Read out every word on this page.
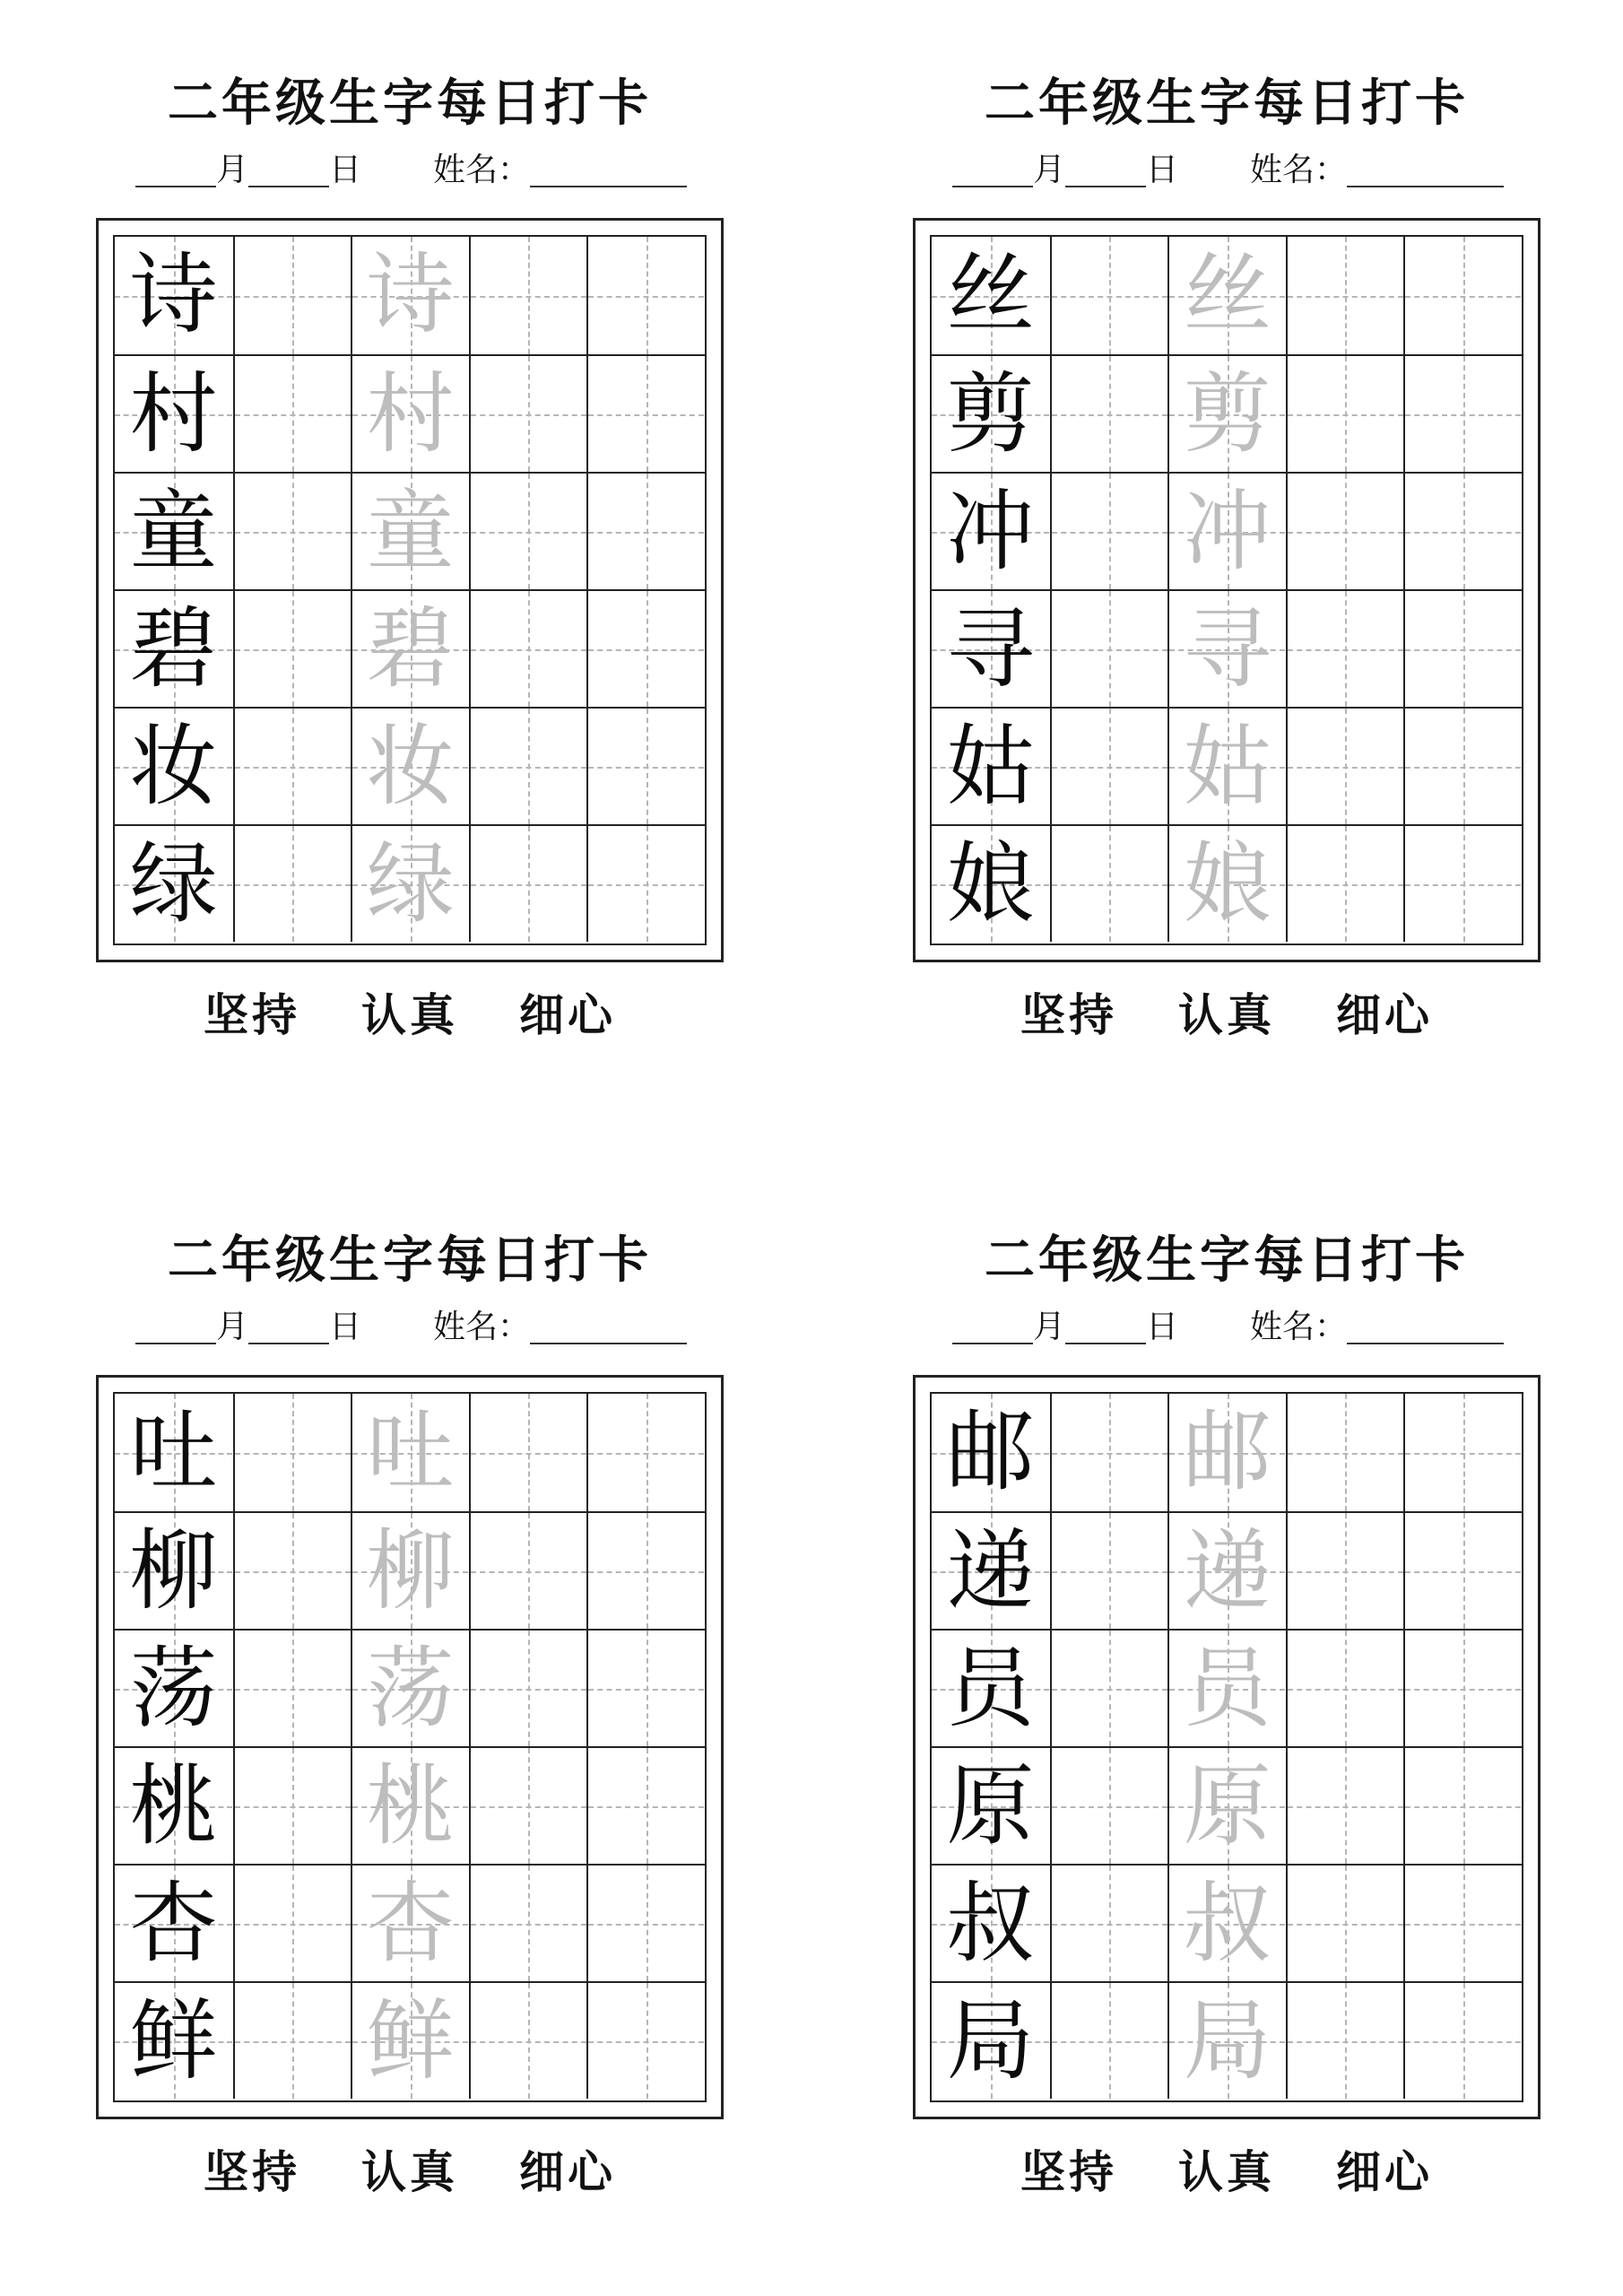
二年级生字每日打卡
月	日 姓名：
诗 诗
村 村
童 童
碧 碧
妆 妆
绿 绿
坚持 认真 细心
二年级生字每日打卡
月	日 姓名：
丝 丝
剪 剪
冲 冲
寻 寻
姑 姑
娘 娘
坚持 认真 细心
二年级生字每日打卡
月	日 姓名：
吐 吐
柳 柳
荡 荡
桃 桃
杏 杏
鲜 鲜
坚持 认真 细心
二年级生字每日打卡
月	日 姓名：
邮 邮
递 递
员 员
原 原
叔 叔
局 局
坚持 认真 细心
